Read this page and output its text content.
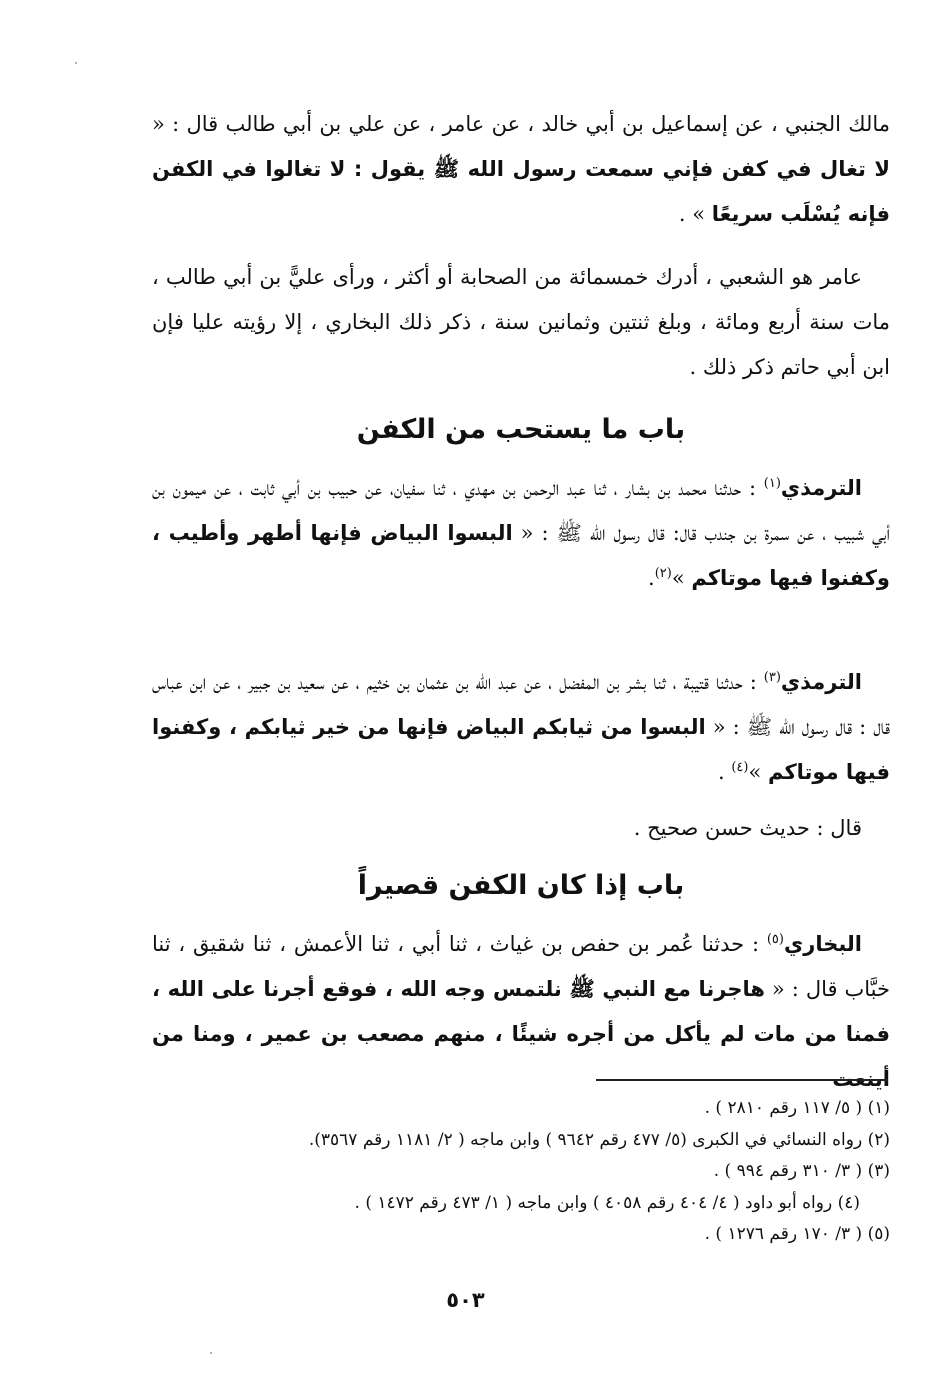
مالك الجنبي ، عن إسماعيل بن أبي خالد ، عن عامر ، عن علي بن أبي طالب قال : « لا تغال في كفن فإني سمعت رسول الله ﷺ يقول : لا تغالوا في الكفن فإنه يُسْلَب سريعًا » .

عامر هو الشعبي ، أدرك خمسمائة من الصحابة أو أكثر ، ورأى عليًّ بن أبي طالب ، مات سنة أربع ومائة ، وبلغ ثنتين وثمانين سنة ، ذكر ذلك البخاري ، إلا رؤيته عليا فإن ابن أبي حاتم ذكر ذلك .

باب ما يستحب من الكفن

الترمذي$^{(١)}$ : حدثنا محمد بن بشار ، ثنا عبد الرحمن بن مهدي ، ثنا سفيان، عن حبيب بن أبي ثابت ، عن ميمون بن أبي شبيب ، عن سمرة بن جندب قال: قال رسول الله ﷺ : « البسوا البياض فإنها أطهر وأطيب ، وكفنوا فيها موتاكم »$^{(٢)}$.

الترمذي$^{(٣)}$ : حدثنا قتيبة ، ثنا بشر بن المفضل ، عن عبد الله بن عثمان بن خثيم ، عن سعيد بن جبير ، عن ابن عباس قال : قال رسول الله ﷺ : « البسوا من ثيابكم البياض فإنها من خير ثيابكم ، وكفنوا فيها موتاكم »$^{(٤)}$ .

قال : حديث حسن صحيح .

باب إذا كان الكفن قصيراً

البخاري$^{(٥)}$ : حدثنا عُمر بن حفص بن غياث ، ثنا أبي ، ثنا الأعمش ، ثنا شقيق ، ثنا خبَّاب قال : « هاجرنا مع النبي ﷺ نلتمس وجه الله ، فوقع أجرنا على الله ، فمنا من مات لم يأكل من أجره شيئًا ، منهم مصعب بن عمير ، ومنا من أينعت

(١) ( ٥/ ١١٧ رقم ٢٨١٠ ) .

(٢) رواه النسائي في الكبرى (٥/ ٤٧٧ رقم ٩٦٤٢ ) وابن ماجه ( ٢/ ١١٨١ رقم ٣٥٦٧).

(٣) ( ٣/ ٣١٠ رقم ٩٩٤ ) .

(٤) رواه أبو داود ( ٤/ ٤٠٤ رقم ٤٠٥٨ ) وابن ماجه ( ١/ ٤٧٣ رقم ١٤٧٢ ) .

(٥) ( ٣/ ١٧٠ رقم ١٢٧٦ ) .

٥٠٣
